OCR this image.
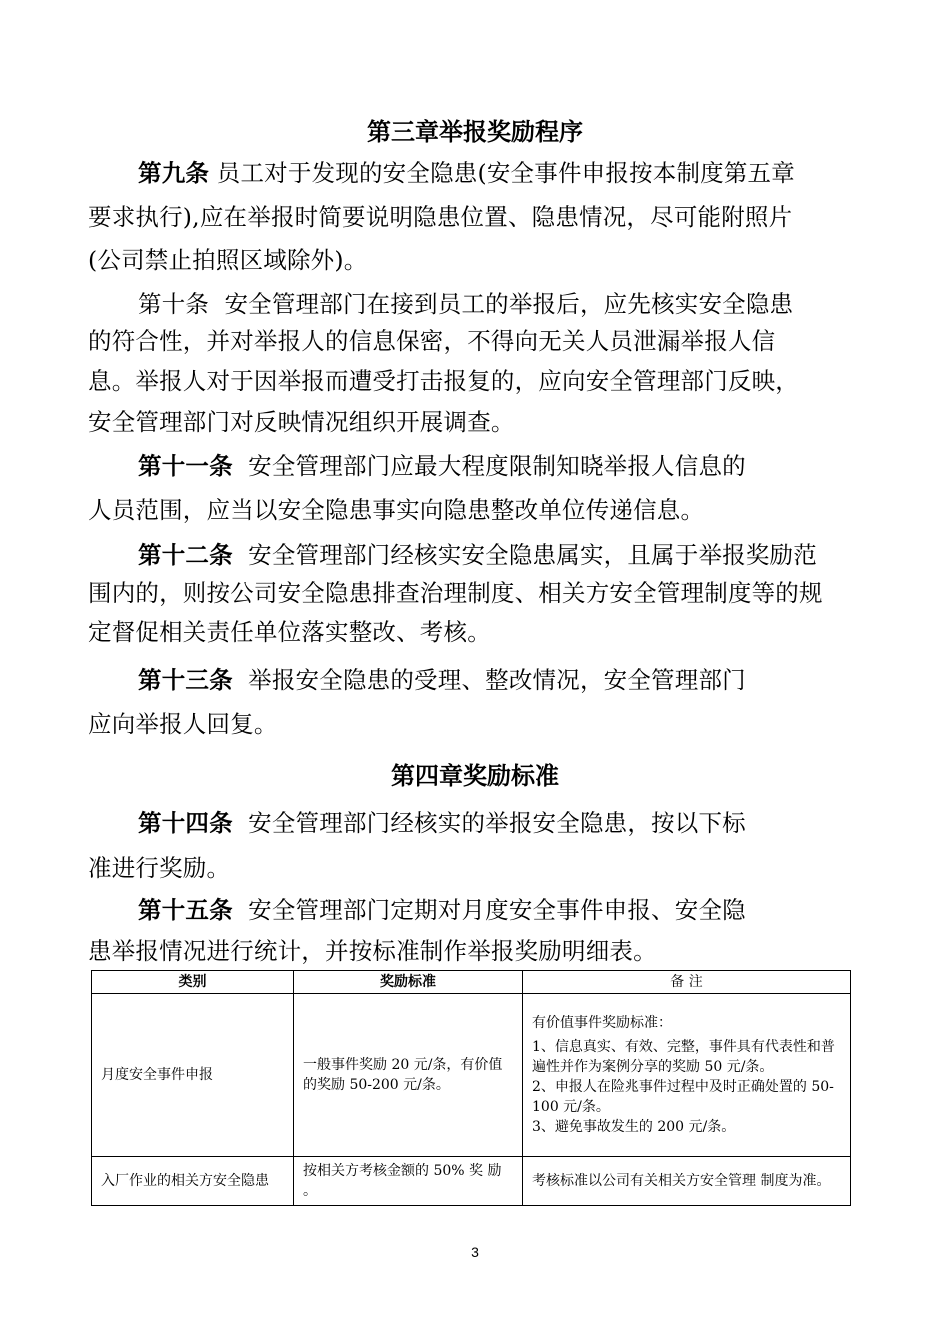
第三章举报奖励程序
第九条 员工对于发现的安全隐患(安全事件申报按本制度第五章
要求执行),应在举报时简要说明隐患位置、隐患情况，尽可能附照片
(公司禁止拍照区域除外)。
第十条 安全管理部门在接到员工的举报后，应先核实安全隐患
的符合性，并对举报人的信息保密，不得向无关人员泄漏举报人信
息。举报人对于因举报而遭受打击报复的，应向安全管理部门反映，
安全管理部门对反映情况组织开展调查。
第十一条 安全管理部门应最大程度限制知晓举报人信息的
人员范围，应当以安全隐患事实向隐患整改单位传递信息。
第十二条 安全管理部门经核实安全隐患属实，且属于举报奖励范
围内的，则按公司安全隐患排查治理制度、相关方安全管理制度等的规
定督促相关责任单位落实整改、考核。
第十三条 举报安全隐患的受理、整改情况，安全管理部门
应向举报人回复。
第四章奖励标准
第十四条 安全管理部门经核实的举报安全隐患，按以下标
准进行奖励。
第十五条 安全管理部门定期对月度安全事件申报、安全隐
患举报情况进行统计，并按标准制作举报奖励明细表。
类别	奖励标准	备 注
月度安全事件申报	一般事件奖励 20 元/条，有价值的奖励 50-200 元/条。	有价值事件奖励标准：
1、信息真实、有效、完整，事件具有代表性和普遍性并作为案例分享的奖励 50 元/条。
2、申报人在险兆事件过程中及时正确处置的 50-100 元/条。
3、避免事故发生的 200 元/条。

入厂作业的相关方安全隐患	按相关方考核金额的 50% 奖 励 。	考核标准以公司有关相关方安全管理 制度为准。
3
